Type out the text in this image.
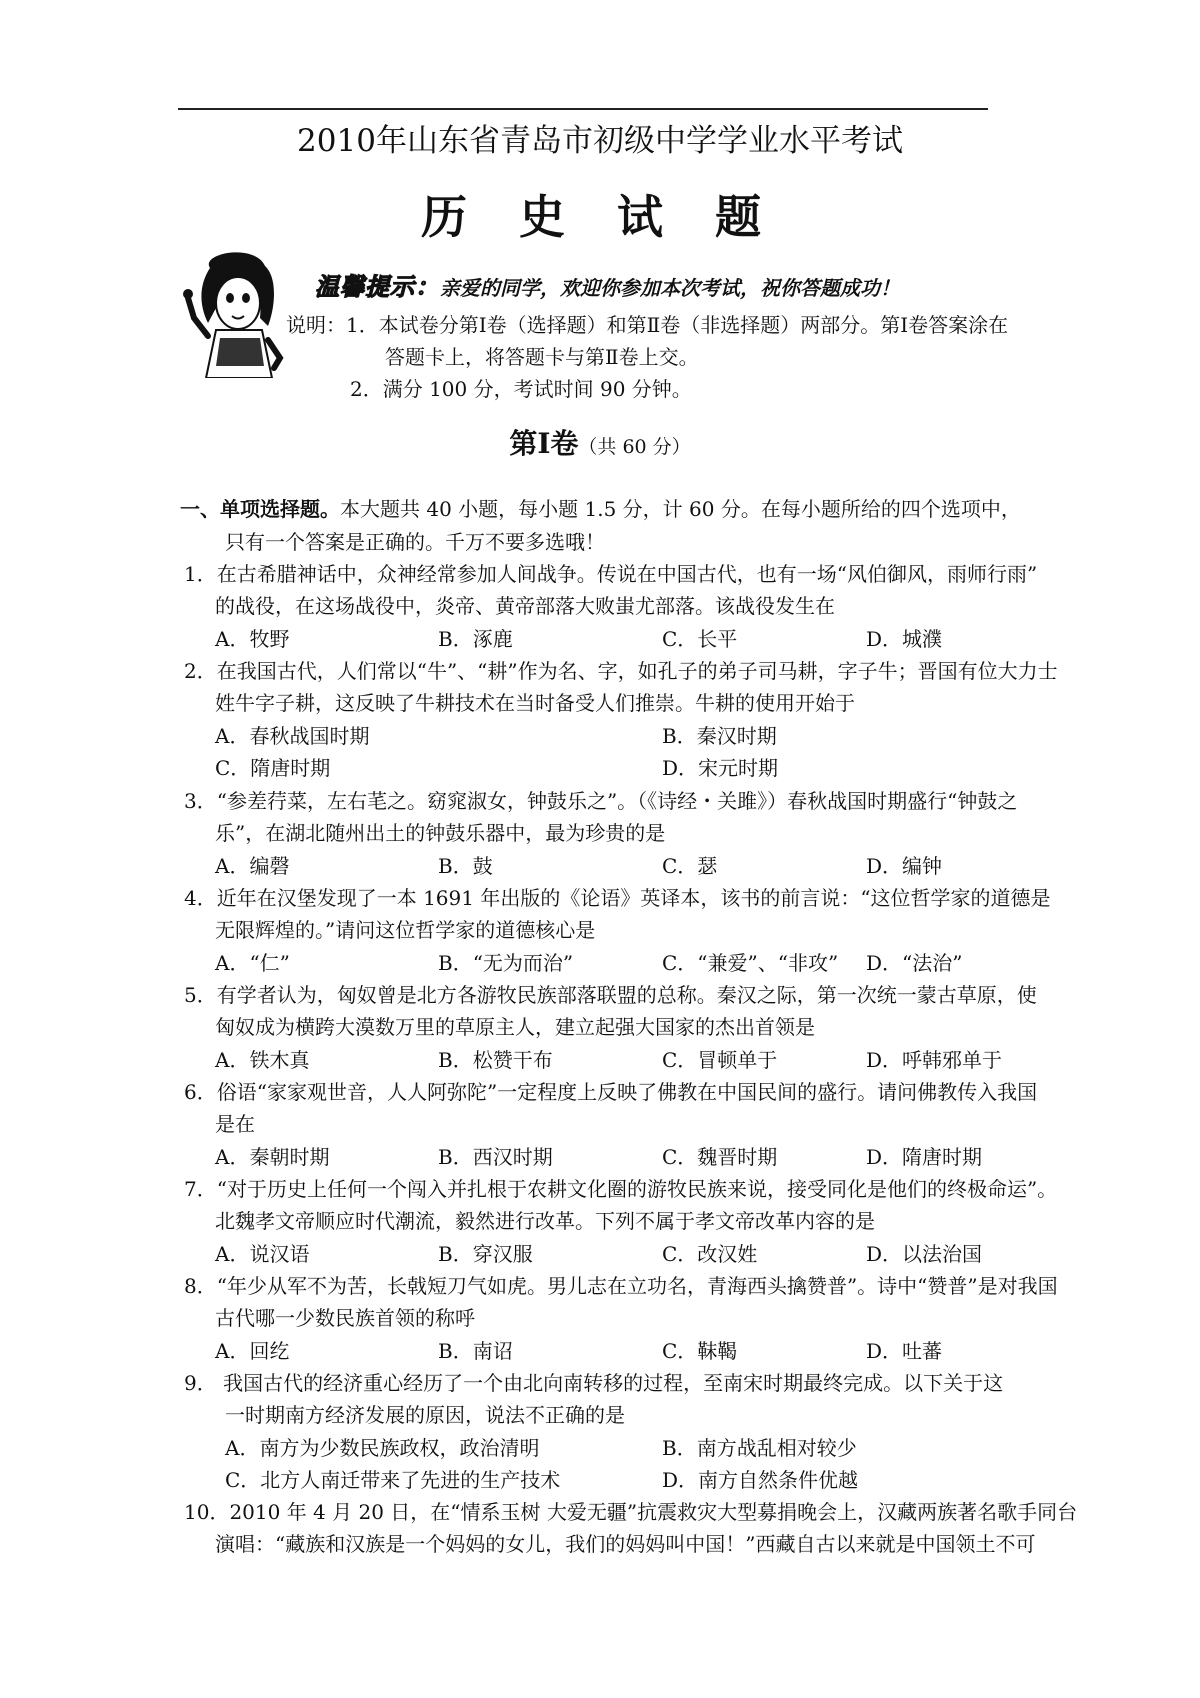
2010年山东省青岛市初级中学学业水平考试
历 史 试 题
温馨提示：亲爱的同学，欢迎你参加本次考试，祝你答题成功！
说明：1．本试卷分第Ⅰ卷（选择题）和第Ⅱ卷（非选择题）两部分。第Ⅰ卷答案涂在
答题卡上，将答题卡与第Ⅱ卷上交。
2．满分 100 分，考试时间 90 分钟。
第Ⅰ卷（共 60 分）
一、单项选择题。本大题共 40 小题，每小题 1.5 分，计 60 分。在每小题所给的四个选项中，
只有一个答案是正确的。千万不要多选哦！
1．在古希腊神话中，众神经常参加人间战争。传说在中国古代，也有一场“风伯御风，雨师行雨”
的战役，在这场战役中，炎帝、黄帝部落大败蚩尤部落。该战役发生在
A．牧野	B．涿鹿	C．长平	D．城濮
2．在我国古代，人们常以“牛”、“耕”作为名、字，如孔子的弟子司马耕，字子牛；晋国有位大力士
姓牛字子耕，这反映了牛耕技术在当时备受人们推崇。牛耕的使用开始于
A．春秋战国时期	B．秦汉时期
C．隋唐时期	D．宋元时期
3．“参差荇菜，左右芼之。窈窕淑女，钟鼓乐之”。（《诗经・关雎》）春秋战国时期盛行“钟鼓之
乐”，在湖北随州出土的钟鼓乐器中，最为珍贵的是
A．编磬	B．鼓	C．瑟	D．编钟
4．近年在汉堡发现了一本 1691 年出版的《论语》英译本，该书的前言说：“这位哲学家的道德是
无限辉煌的。”请问这位哲学家的道德核心是
A．“仁”	B．“无为而治”	C．“兼爱”、“非攻” D．“法治”
5．有学者认为，匈奴曾是北方各游牧民族部落联盟的总称。秦汉之际，第一次统一蒙古草原，使
匈奴成为横跨大漠数万里的草原主人，建立起强大国家的杰出首领是
A．铁木真	B．松赞干布	C．冒顿单于	D．呼韩邪单于
6．俗语“家家观世音，人人阿弥陀”一定程度上反映了佛教在中国民间的盛行。请问佛教传入我国
是在
A．秦朝时期	B．西汉时期	C．魏晋时期	D．隋唐时期
7．“对于历史上任何一个闯入并扎根于农耕文化圈的游牧民族来说，接受同化是他们的终极命运”。
北魏孝文帝顺应时代潮流，毅然进行改革。下列不属于孝文帝改革内容的是
A．说汉语	B．穿汉服	C．改汉姓	D．以法治国
8．“年少从军不为苦，长戟短刀气如虎。男儿志在立功名，青海西头擒赞普”。诗中“赞普”是对我国
古代哪一少数民族首领的称呼
A．回纥	B．南诏	C．靺鞨	D．吐蕃
9． 我国古代的经济重心经历了一个由北向南转移的过程，至南宋时期最终完成。以下关于这
一时期南方经济发展的原因，说法不正确的是
A．南方为少数民族政权，政治清明	B．南方战乱相对较少
C．北方人南迁带来了先进的生产技术	D．南方自然条件优越
10．2010 年 4 月 20 日，在“情系玉树 大爱无疆”抗震救灾大型募捐晚会上，汉藏两族著名歌手同台
演唱：“藏族和汉族是一个妈妈的女儿，我们的妈妈叫中国！”西藏自古以来就是中国领土不可
